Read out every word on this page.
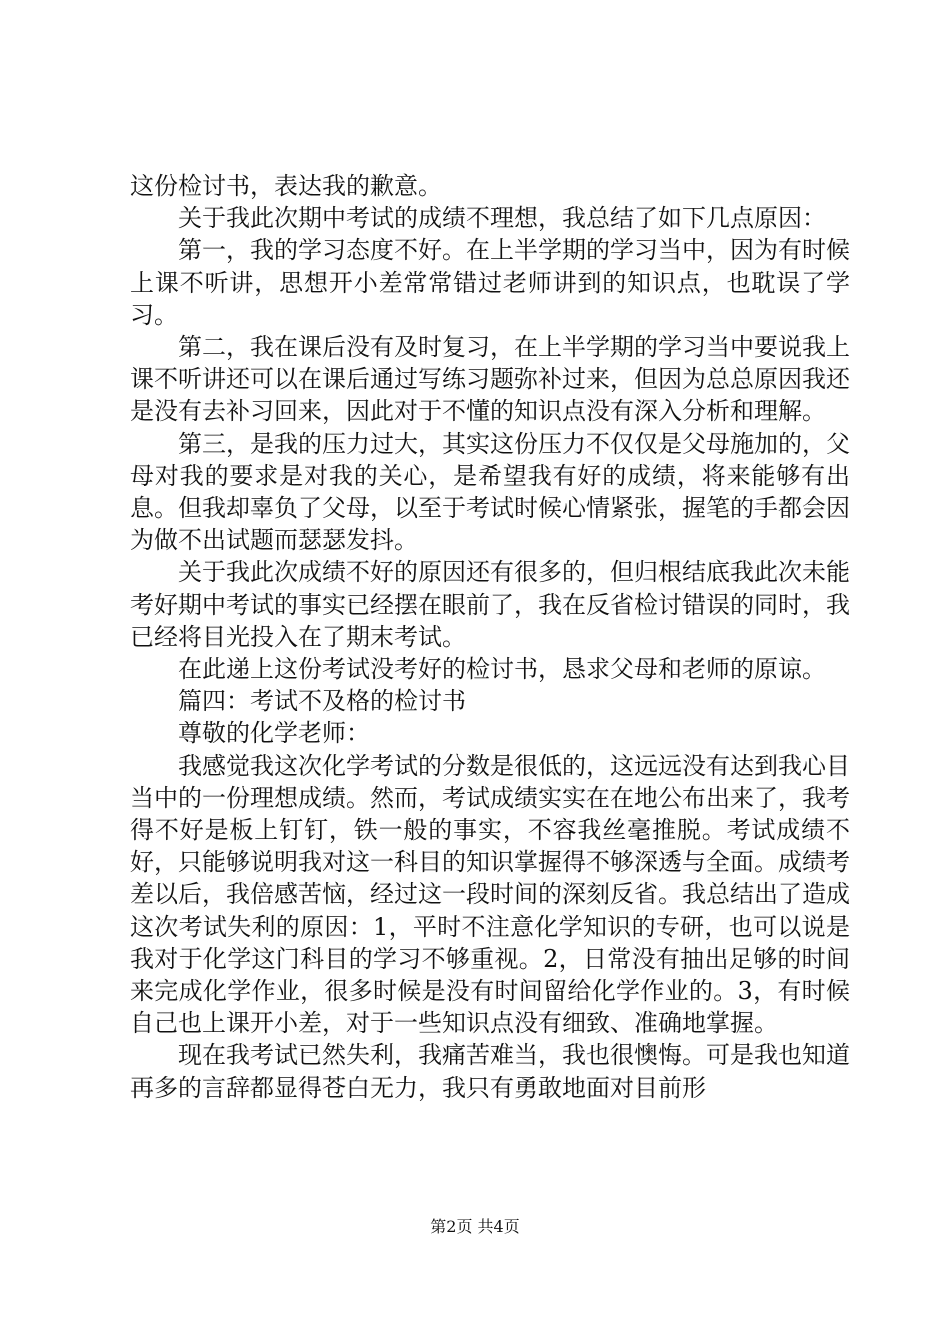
这份检讨书，表达我的歉意。

关于我此次期中考试的成绩不理想，我总结了如下几点原因：

第一，我的学习态度不好。在上半学期的学习当中，因为有时候上课不听讲，思想开小差常常错过老师讲到的知识点，也耽误了学习。

第二，我在课后没有及时复习，在上半学期的学习当中要说我上课不听讲还可以在课后通过写练习题弥补过来，但因为总总原因我还是没有去补习回来，因此对于不懂的知识点没有深入分析和理解。

第三，是我的压力过大，其实这份压力不仅仅是父母施加的，父母对我的要求是对我的关心，是希望我有好的成绩，将来能够有出息。但我却辜负了父母，以至于考试时候心情紧张，握笔的手都会因为做不出试题而瑟瑟发抖。

关于我此次成绩不好的原因还有很多的，但归根结底我此次未能考好期中考试的事实已经摆在眼前了，我在反省检讨错误的同时，我已经将目光投入在了期末考试。

在此递上这份考试没考好的检讨书，恳求父母和老师的原谅。

篇四：考试不及格的检讨书

尊敬的化学老师：

我感觉我这次化学考试的分数是很低的，这远远没有达到我心目当中的一份理想成绩。然而，考试成绩实实在在地公布出来了，我考得不好是板上钉钉，铁一般的事实，不容我丝毫推脱。考试成绩不好，只能够说明我对这一科目的知识掌握得不够深透与全面。成绩考差以后，我倍感苦恼，经过这一段时间的深刻反省。我总结出了造成这次考试失利的原因：1，平时不注意化学知识的专研，也可以说是我对于化学这门科目的学习不够重视。2，日常没有抽出足够的时间来完成化学作业，很多时候是没有时间留给化学作业的。3，有时候自己也上课开小差，对于一些知识点没有细致、准确地掌握。

现在我考试已然失利，我痛苦难当，我也很懊悔。可是我也知道再多的言辞都显得苍白无力，我只有勇敢地面对目前形

第2页 共4页
